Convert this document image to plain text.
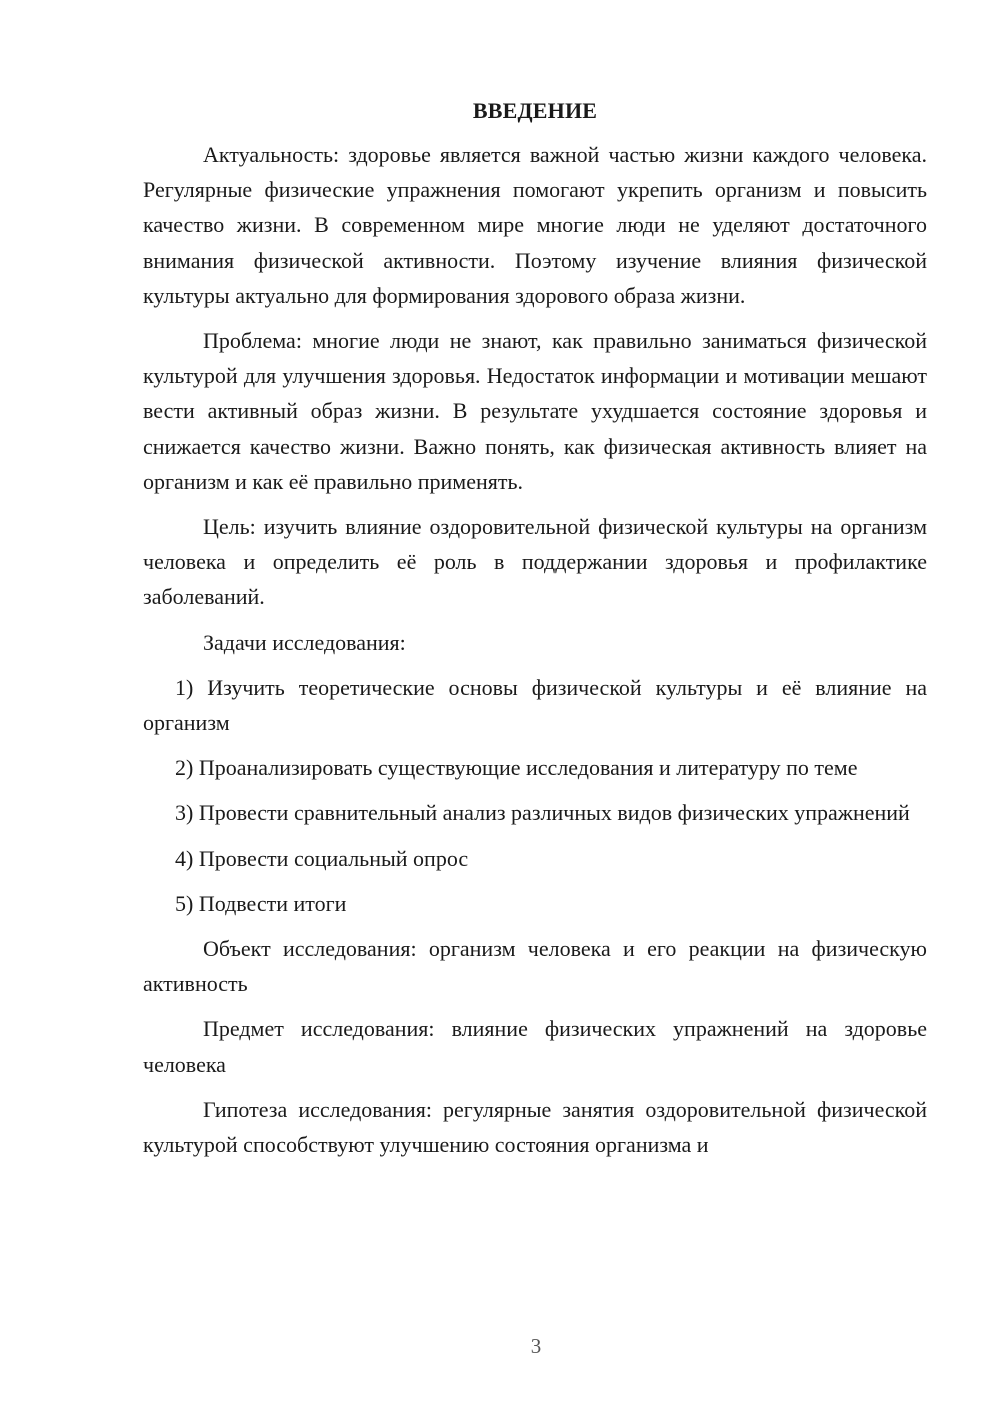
ВВЕДЕНИЕ

Актуальность: здоровье является важной частью жизни каждого человека. Регулярные физические упражнения помогают укрепить организм и повысить качество жизни. В современном мире многие люди не уделяют достаточного внимания физической активности. Поэтому изучение влияния физической культуры актуально для формирования здорового образа жизни.

Проблема: многие люди не знают, как правильно заниматься физической культурой для улучшения здоровья. Недостаток информации и мотивации мешают вести активный образ жизни. В результате ухудшается состояние здоровья и снижается качество жизни. Важно понять, как физическая активность влияет на организм и как её правильно применять.

Цель: изучить влияние оздоровительной физической культуры на организм человека и определить её роль в поддержании здоровья и профилактике заболеваний.

Задачи исследования:

1) Изучить теоретические основы физической культуры и её влияние на организм

2) Проанализировать существующие исследования и литературу по теме

3) Провести сравнительный анализ различных видов физических упражнений

4) Провести социальный опрос

5) Подвести итоги

Объект исследования: организм человека и его реакции на физическую активность

Предмет исследования: влияние физических упражнений на здоровье человека

Гипотеза исследования: регулярные занятия оздоровительной физической культурой способствуют улучшению состояния организма и

3
